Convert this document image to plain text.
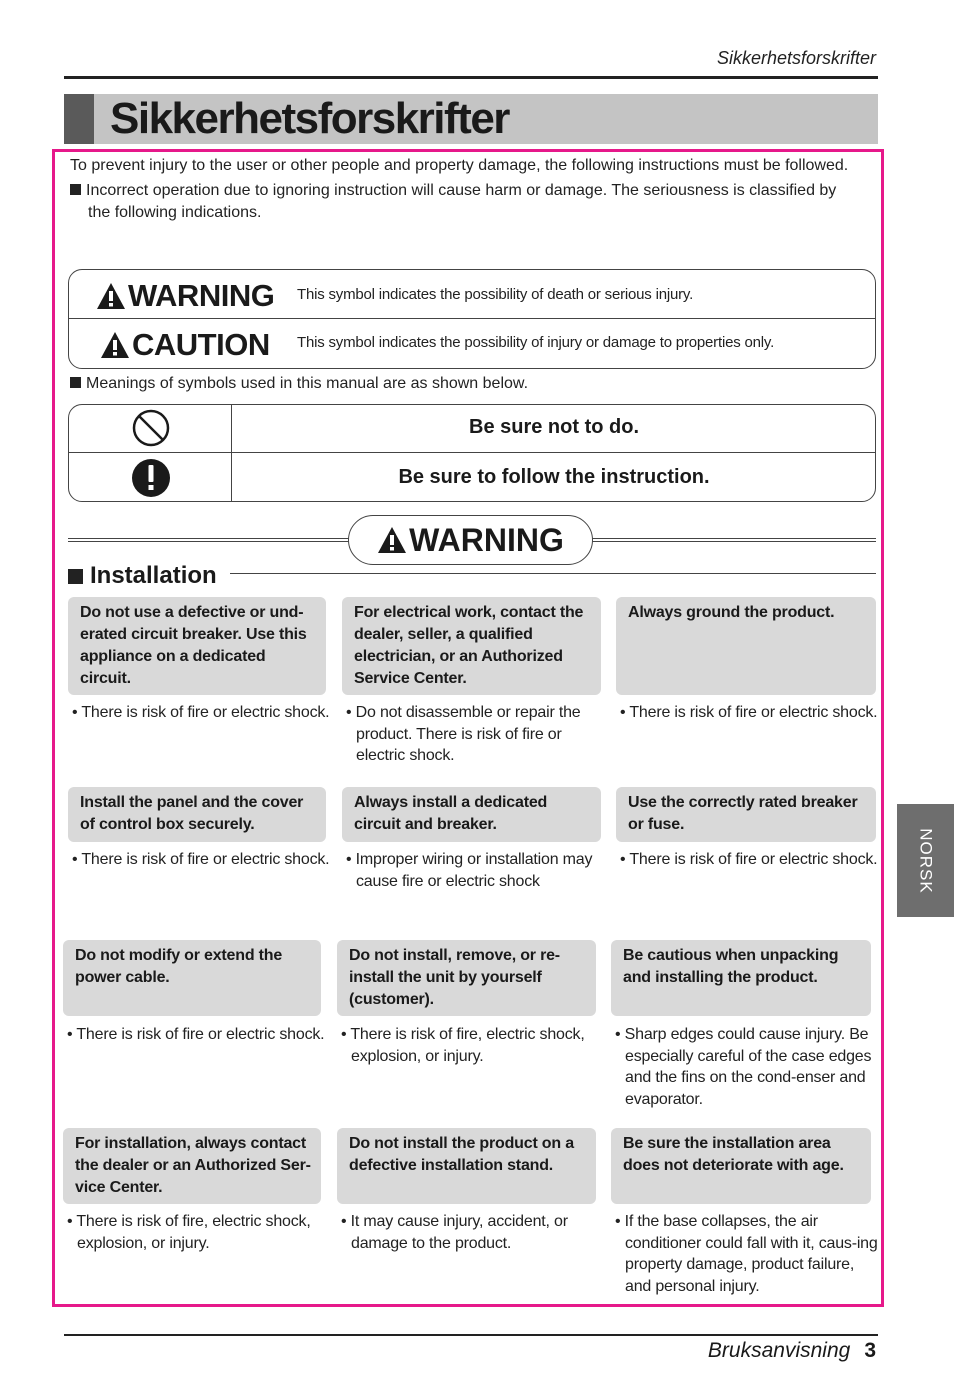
Sikkerhetsforskrifter
Sikkerhetsforskrifter
To prevent injury to the user or other people and property damage, the following instructions must be followed.
Incorrect operation due to ignoring instruction will cause harm or damage. The seriousness is classified by the following indications.
WARNING This symbol indicates the possibility of death or serious injury.
CAUTION This symbol indicates the possibility of injury or damage to properties only.
Meanings of symbols used in this manual are as shown below.
Be sure not to do.
Be sure to follow the instruction.
WARNING
Installation
Do not use a defective or und-erated circuit breaker. Use this appliance on a dedicated circuit.
• There is risk of fire or electric shock.
For electrical work, contact the dealer, seller, a qualified electrician, or an Authorized Service Center.
• Do not disassemble or repair the product. There is risk of fire or electric shock.
Always ground the product.
• There is risk of fire or electric shock.
Install the panel and the cover of control box securely.
• There is risk of fire or electric shock.
Always install a dedicated circuit and breaker.
• Improper wiring or installation may cause fire or electric shock
Use the correctly rated breaker or fuse.
• There is risk of fire or electric shock.
Do not modify or extend the power cable.
• There is risk of fire or electric shock.
Do not install, remove, or re-install the unit by yourself (customer).
• There is risk of fire, electric shock, explosion, or injury.
Be cautious when unpacking and installing the product.
• Sharp edges could cause injury. Be especially careful of the case edges and the fins on the cond-enser and evaporator.
For installation, always contact the dealer or an Authorized Ser-vice Center.
• There is risk of fire, electric shock, explosion, or injury.
Do not install the product on a defective installation stand.
• It may cause injury, accident, or damage to the product.
Be sure the installation area does not deteriorate with age.
• If the base collapses, the air conditioner could fall with it, caus-ing property damage, product failure, and personal injury.
NORSK
Bruksanvisning 3
